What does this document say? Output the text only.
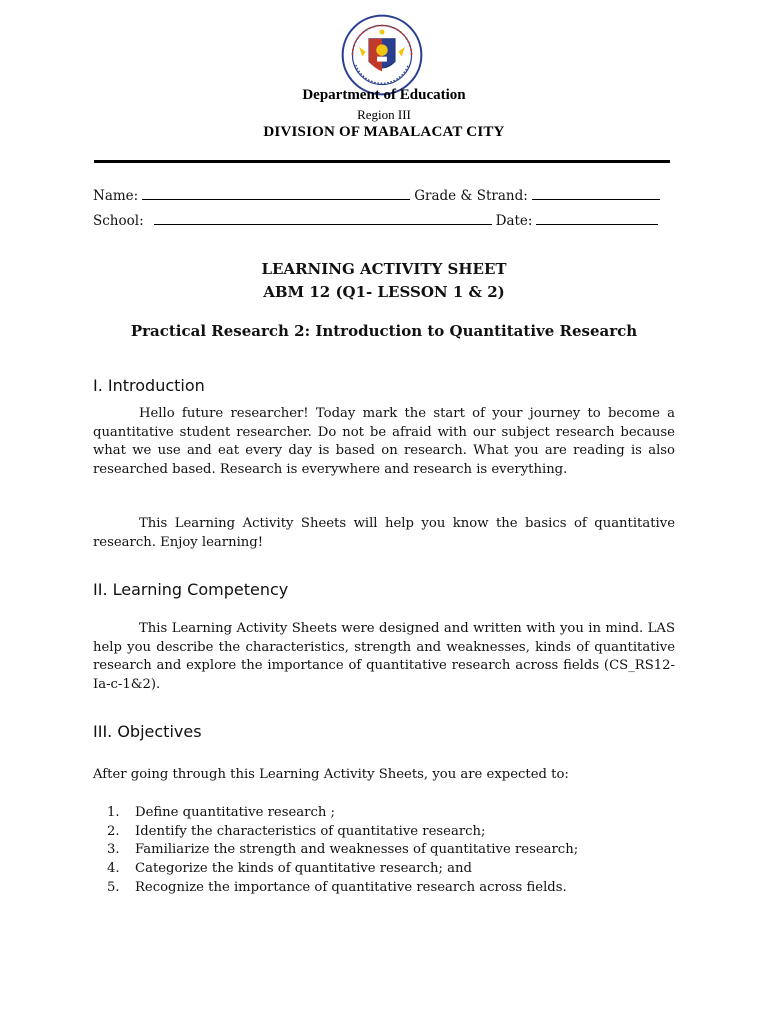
Department of Education
Region III
DIVISION OF MABALACAT CITY
Name:	Grade & Strand:
School:	Date:
LEARNING ACTIVITY SHEET
ABM 12 (Q1- LESSON 1 & 2)
Practical Research 2: Introduction to Quantitative Research
I. Introduction

Hello future researcher! Today mark the start of your journey to become a quantitative student researcher. Do not be afraid with our subject research because what we use and eat every day is based on research. What you are reading is also researched based. Research is everywhere and research is everything.

This Learning Activity Sheets will help you know the basics of quantitative research. Enjoy learning!

II. Learning Competency

This Learning Activity Sheets were designed and written with you in mind. LAS help you describe the characteristics, strength and weaknesses, kinds of quantitative research and explore the importance of quantitative research across fields (CS_RS12-Ia-c-1&2).

III. Objectives

After going through this Learning Activity Sheets, you are expected to:

1.	Define quantitative research ;
2.	Identify the characteristics of quantitative research;
3.	Familiarize the strength and weaknesses of quantitative research;
4.	Categorize the kinds of quantitative research; and
5.	Recognize the importance of quantitative research across fields.
